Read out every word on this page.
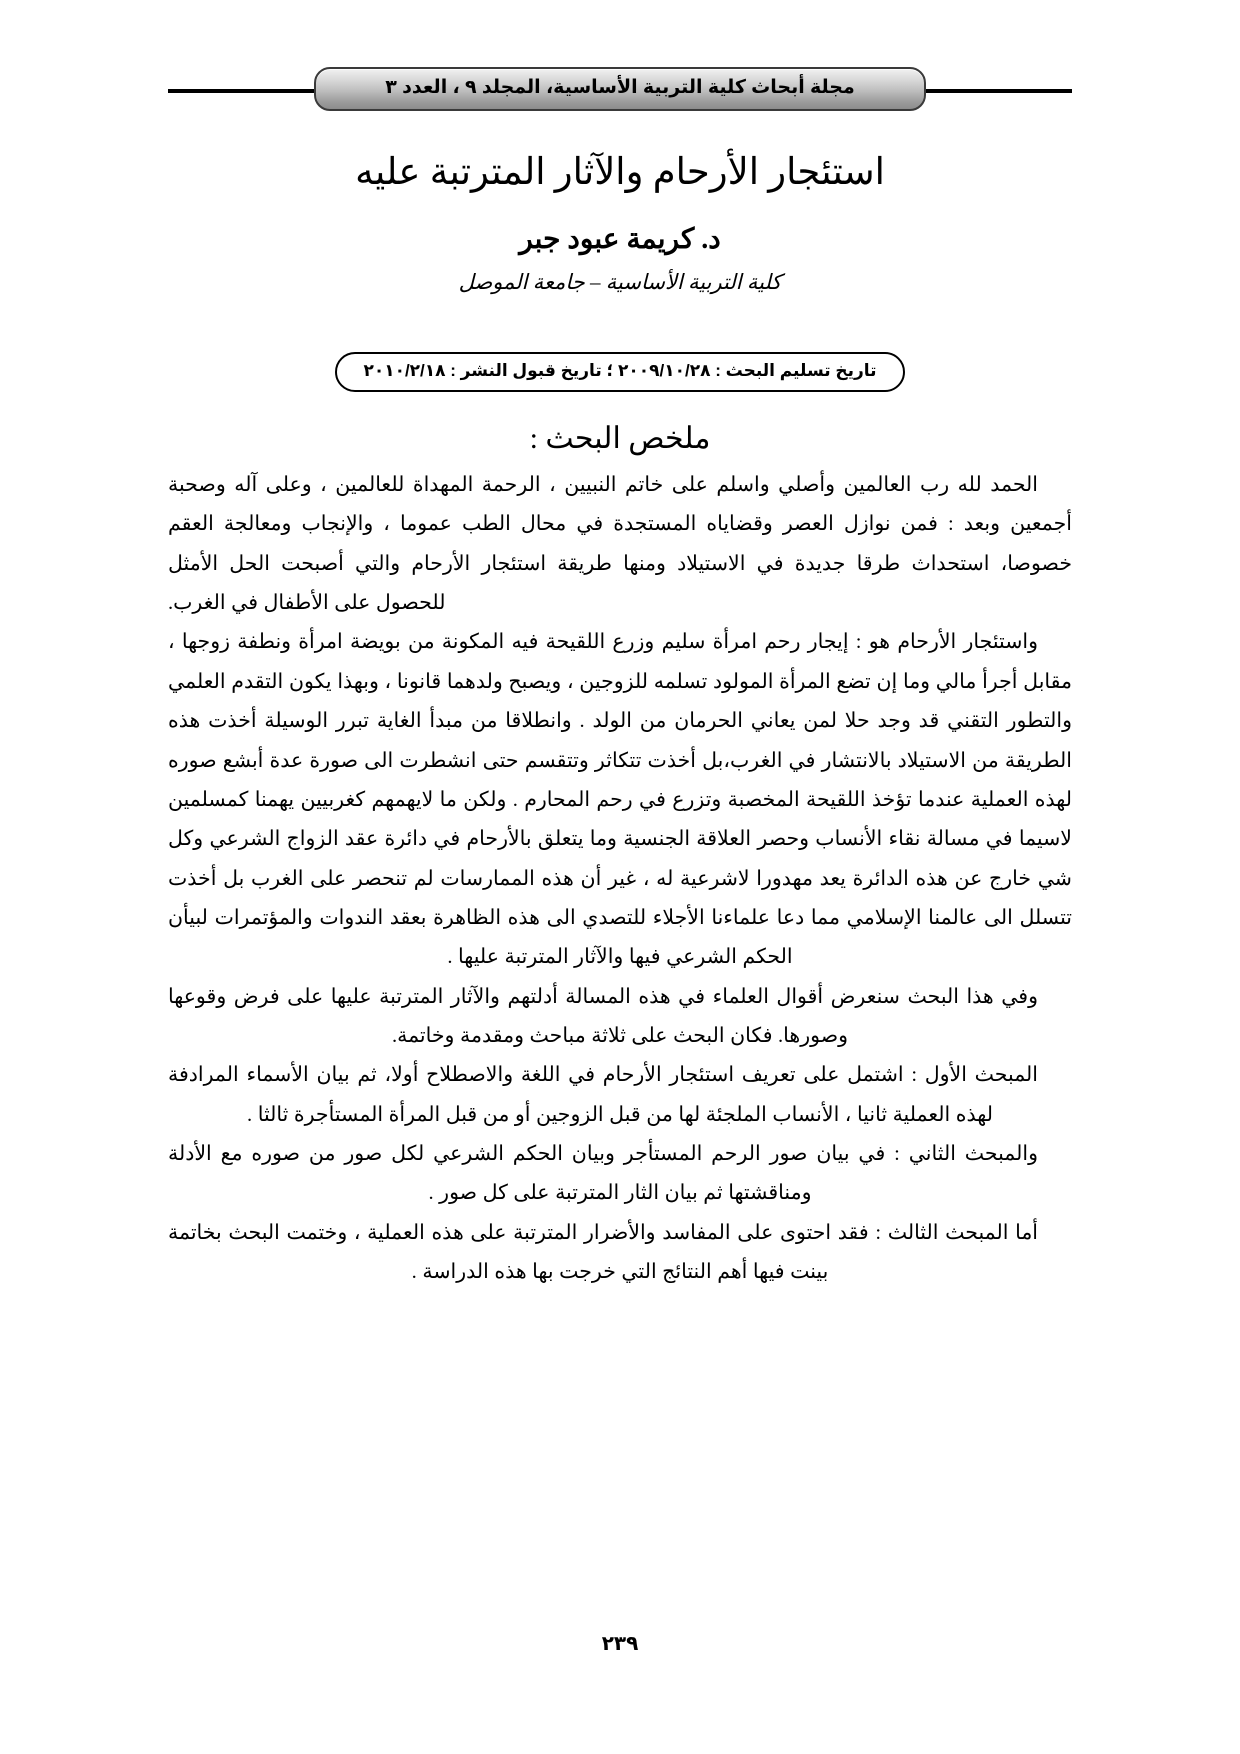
مجلة أبحاث كلية التربية الأساسية، المجلد ٩ ، العدد ٣
استئجار الأرحام والآثار المترتبة عليه
د. كريمة عبود جبر
كلية التربية الأساسية – جامعة الموصل
تاريخ تسليم البحث : ٢٠٠٩/١٠/٢٨ ؛ تاريخ قبول النشر : ٢٠١٠/٢/١٨
ملخص البحث :

الحمد لله رب العالمين وأصلي واسلم على خاتم النبيين ، الرحمة المهداة للعالمين ، وعلى آله وصحبة أجمعين وبعد : فمن نوازل العصر وقضاياه المستجدة في محال الطب عموما ، والإنجاب ومعالجة العقم خصوصا، استحداث طرقا جديدة في الاستيلاد ومنها طريقة استئجار الأرحام والتي أصبحت الحل الأمثل للحصول على الأطفال في الغرب.

واستئجار الأرحام هو : إيجار رحم امرأة سليم وزرع اللقيحة فيه المكونة من بويضة امرأة ونطفة زوجها ، مقابل أجرأ مالي وما إن تضع المرأة المولود تسلمه للزوجين ، ويصبح ولدهما قانونا ، وبهذا يكون التقدم العلمي والتطور التقني قد وجد حلا لمن يعاني الحرمان من الولد . وانطلاقا من مبدأ الغاية تبرر الوسيلة أخذت هذه الطريقة من الاستيلاد بالانتشار في الغرب،بل أخذت تتكاثر وتتقسم حتى انشطرت الى صورة عدة أبشع صوره لهذه العملية عندما تؤخذ اللقيحة المخصبة وتزرع في رحم المحارم . ولكن ما لايهمهم كغربيين يهمنا كمسلمين لاسيما في مسالة نقاء الأنساب وحصر العلاقة الجنسية وما يتعلق بالأرحام في دائرة عقد الزواج الشرعي وكل شي خارج عن هذه الدائرة يعد مهدورا لاشرعية له ، غير أن هذه الممارسات لم تنحصر على الغرب بل أخذت تتسلل الى عالمنا الإسلامي مما دعا علماءنا الأجلاء للتصدي الى هذه الظاهرة بعقد الندوات والمؤتمرات لبيأن الحكم الشرعي فيها والآثار المترتبة عليها .

وفي هذا البحث سنعرض أقوال العلماء في هذه المسالة أدلتهم والآثار المترتبة عليها على فرض وقوعها وصورها. فكان البحث على ثلاثة مباحث ومقدمة وخاتمة.

المبحث الأول : اشتمل على تعريف استئجار الأرحام في اللغة والاصطلاح أولا، ثم بيان الأسماء المرادفة لهذه العملية ثانيا ، الأنساب الملجئة لها من قبل الزوجين أو من قبل المرأة المستأجرة ثالثا .

والمبحث الثاني : في بيان صور الرحم المستأجر وبيان الحكم الشرعي لكل صور من صوره مع الأدلة ومناقشتها ثم بيان الثار المترتبة على كل صور .

أما المبحث الثالث : فقد احتوى على المفاسد والأضرار المترتبة على هذه العملية ، وختمت البحث بخاتمة بينت فيها أهم النتائج التي خرجت بها هذه الدراسة .

٢٣٩
